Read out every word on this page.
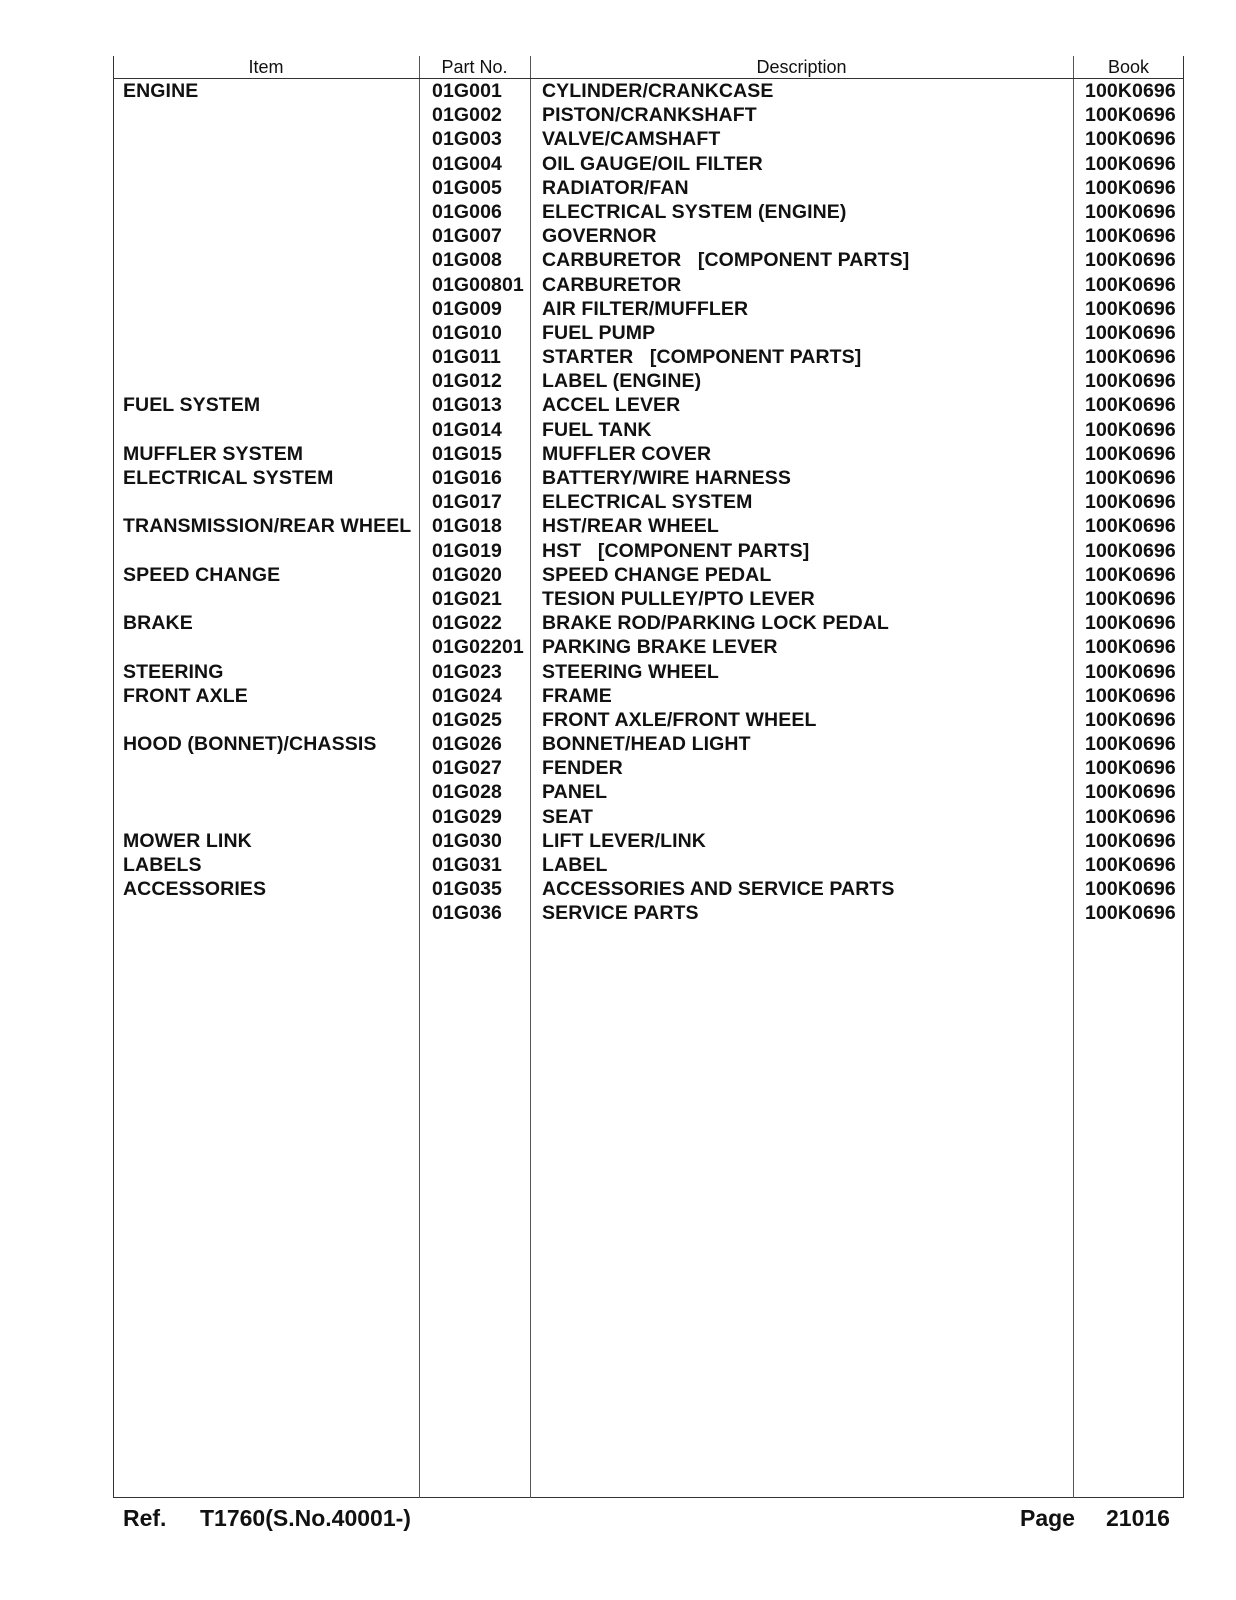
Item	Part No.	Description	Book
ENGINE	01G001 CYLINDER/CRANKCASE	100K0696
01G002 PISTON/CRANKSHAFT	100K0696
01G003 VALVE/CAMSHAFT	100K0696
01G004 OIL GAUGE/OIL FILTER	100K0696
01G005 RADIATOR/FAN	100K0696
01G006 ELECTRICAL SYSTEM (ENGINE)	100K0696
01G007 GOVERNOR	100K0696
01G008 CARBURETOR   [COMPONENT PARTS]	100K0696
01G00801 CARBURETOR	100K0696
01G009 AIR FILTER/MUFFLER	100K0696
01G010 FUEL PUMP	100K0696
01G011 STARTER   [COMPONENT PARTS]	100K0696
01G012 LABEL (ENGINE)	100K0696
FUEL SYSTEM	01G013 ACCEL LEVER	100K0696
01G014 FUEL TANK	100K0696
MUFFLER SYSTEM	01G015 MUFFLER COVER	100K0696
ELECTRICAL SYSTEM	01G016 BATTERY/WIRE HARNESS	100K0696
01G017 ELECTRICAL SYSTEM	100K0696
TRANSMISSION/REAR WHEEL 01G018 HST/REAR WHEEL	100K0696
01G019 HST   [COMPONENT PARTS]	100K0696
SPEED CHANGE	01G020 SPEED CHANGE PEDAL	100K0696
01G021 TESION PULLEY/PTO LEVER	100K0696
BRAKE	01G022 BRAKE ROD/PARKING LOCK PEDAL	100K0696
01G02201 PARKING BRAKE LEVER	100K0696
STEERING	01G023 STEERING WHEEL	100K0696
FRONT AXLE	01G024 FRAME	100K0696
01G025 FRONT AXLE/FRONT WHEEL	100K0696
HOOD (BONNET)/CHASSIS	01G026 BONNET/HEAD LIGHT	100K0696
01G027 FENDER	100K0696
01G028 PANEL	100K0696
01G029 SEAT	100K0696
MOWER LINK	01G030 LIFT LEVER/LINK	100K0696
LABELS	01G031 LABEL	100K0696
ACCESSORIES	01G035 ACCESSORIES AND SERVICE PARTS	100K0696
01G036 SERVICE PARTS	100K0696
Ref. T1760(S.No.40001-)	Page 21016
